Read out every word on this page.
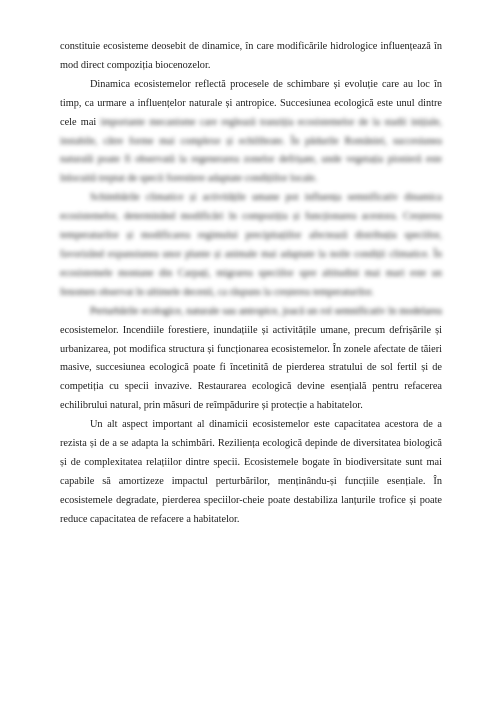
constituie ecosisteme deosebit de dinamice, în care modificările hidrologice influențează în mod direct compoziția biocenozelor.

Dinamica ecosistemelor reflectă procesele de schimbare și evoluție care au loc în timp, ca urmare a influențelor naturale și antropice. Succesiunea ecologică este unul dintre cele mai importante mecanisme care reglează tranziția ecosistemelor de la stadii inițiale, instabile, către forme mai complexe și echilibrate. În pădurile României, succesiunea naturală poate fi observată la regenerarea zonelor defrișate, unde vegetația pionieră este înlocuită treptat de specii forestiere adaptate condițiilor locale.

Schimbările climatice și activitățile umane pot influența semnificativ dinamica ecosistemelor, determinând modificări în compoziția și funcționarea acestora. Creșterea temperaturilor și modificarea regimului precipitațiilor afectează distribuția speciilor, favorizând expansiunea unor plante și animale mai adaptate la noile condiții climatice. În ecosistemele montane din Carpați, migrarea speciilor spre altitudini mai mari este un fenomen observat în ultimele decenii, ca răspuns la creșterea temperaturilor.

Perturbările ecologice, naturale sau antropice, joacă un rol semnificativ în modelarea ecosistemelor. Incendiile forestiere, inundațiile și activitățile umane, precum defrișările și urbanizarea, pot modifica structura și funcționarea ecosistemelor. În zonele afectate de tăieri masive, succesiunea ecologică poate fi încetinită de pierderea stratului de sol fertil și de competiția cu specii invazive. Restaurarea ecologică devine esențială pentru refacerea echilibrului natural, prin măsuri de reîmpădurire și protecție a habitatelor.

Un alt aspect important al dinamicii ecosistemelor este capacitatea acestora de a rezista și de a se adapta la schimbări. Reziliența ecologică depinde de diversitatea biologică și de complexitatea relațiilor dintre specii. Ecosistemele bogate în biodiversitate sunt mai capabile să amortizeze impactul perturbărilor, menținându-și funcțiile esențiale. În ecosistemele degradate, pierderea speciilor-cheie poate destabiliza lanțurile trofice și poate reduce capacitatea de refacere a habitatelor.
